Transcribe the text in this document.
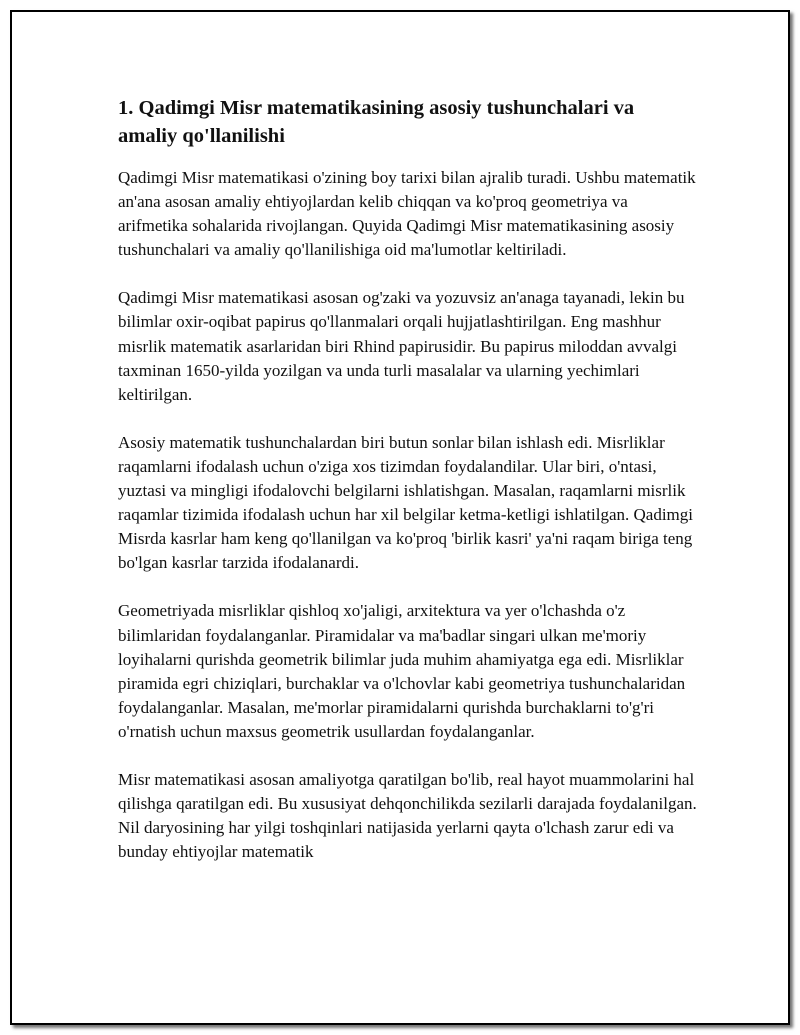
1. Qadimgi Misr matematikasining asosiy tushunchalari va amaliy qo'llanilishi

Qadimgi Misr matematikasi o'zining boy tarixi bilan ajralib turadi. Ushbu matematik an'ana asosan amaliy ehtiyojlardan kelib chiqqan va ko'proq geometriya va arifmetika sohalarida rivojlangan. Quyida Qadimgi Misr matematikasining asosiy tushunchalari va amaliy qo'llanilishiga oid ma'lumotlar keltiriladi.

Qadimgi Misr matematikasi asosan og'zaki va yozuvsiz an'anaga tayanadi, lekin bu bilimlar oxir-oqibat papirus qo'llanmalari orqali hujjatlashtirilgan. Eng mashhur misrlik matematik asarlaridan biri Rhind papirusidir. Bu papirus miloddan avvalgi taxminan 1650-yilda yozilgan va unda turli masalalar va ularning yechimlari keltirilgan.

Asosiy matematik tushunchalardan biri butun sonlar bilan ishlash edi. Misrliklar raqamlarni ifodalash uchun o'ziga xos tizimdan foydalandilar. Ular biri, o'ntasi, yuztasi va mingligi ifodalovchi belgilarni ishlatishgan. Masalan, raqamlarni misrlik raqamlar tizimida ifodalash uchun har xil belgilar ketma-ketligi ishlatilgan. Qadimgi Misrda kasrlar ham keng qo'llanilgan va ko'proq 'birlik kasri' ya'ni raqam biriga teng bo'lgan kasrlar tarzida ifodalanardi.

Geometriyada misrliklar qishloq xo'jaligi, arxitektura va yer o'lchashda o'z bilimlaridan foydalanganlar. Piramidalar va ma'badlar singari ulkan me'moriy loyihalarni qurishda geometrik bilimlar juda muhim ahamiyatga ega edi. Misrliklar piramida egri chiziqlari, burchaklar va o'lchovlar kabi geometriya tushunchalaridan foydalanganlar. Masalan, me'morlar piramidalarni qurishda burchaklarni to'g'ri o'rnatish uchun maxsus geometrik usullardan foydalanganlar.

Misr matematikasi asosan amaliyotga qaratilgan bo'lib, real hayot muammolarini hal qilishga qaratilgan edi. Bu xususiyat dehqonchilikda sezilarli darajada foydalanilgan. Nil daryosining har yilgi toshqinlari natijasida yerlarni qayta o'lchash zarur edi va bunday ehtiyojlar matematik
